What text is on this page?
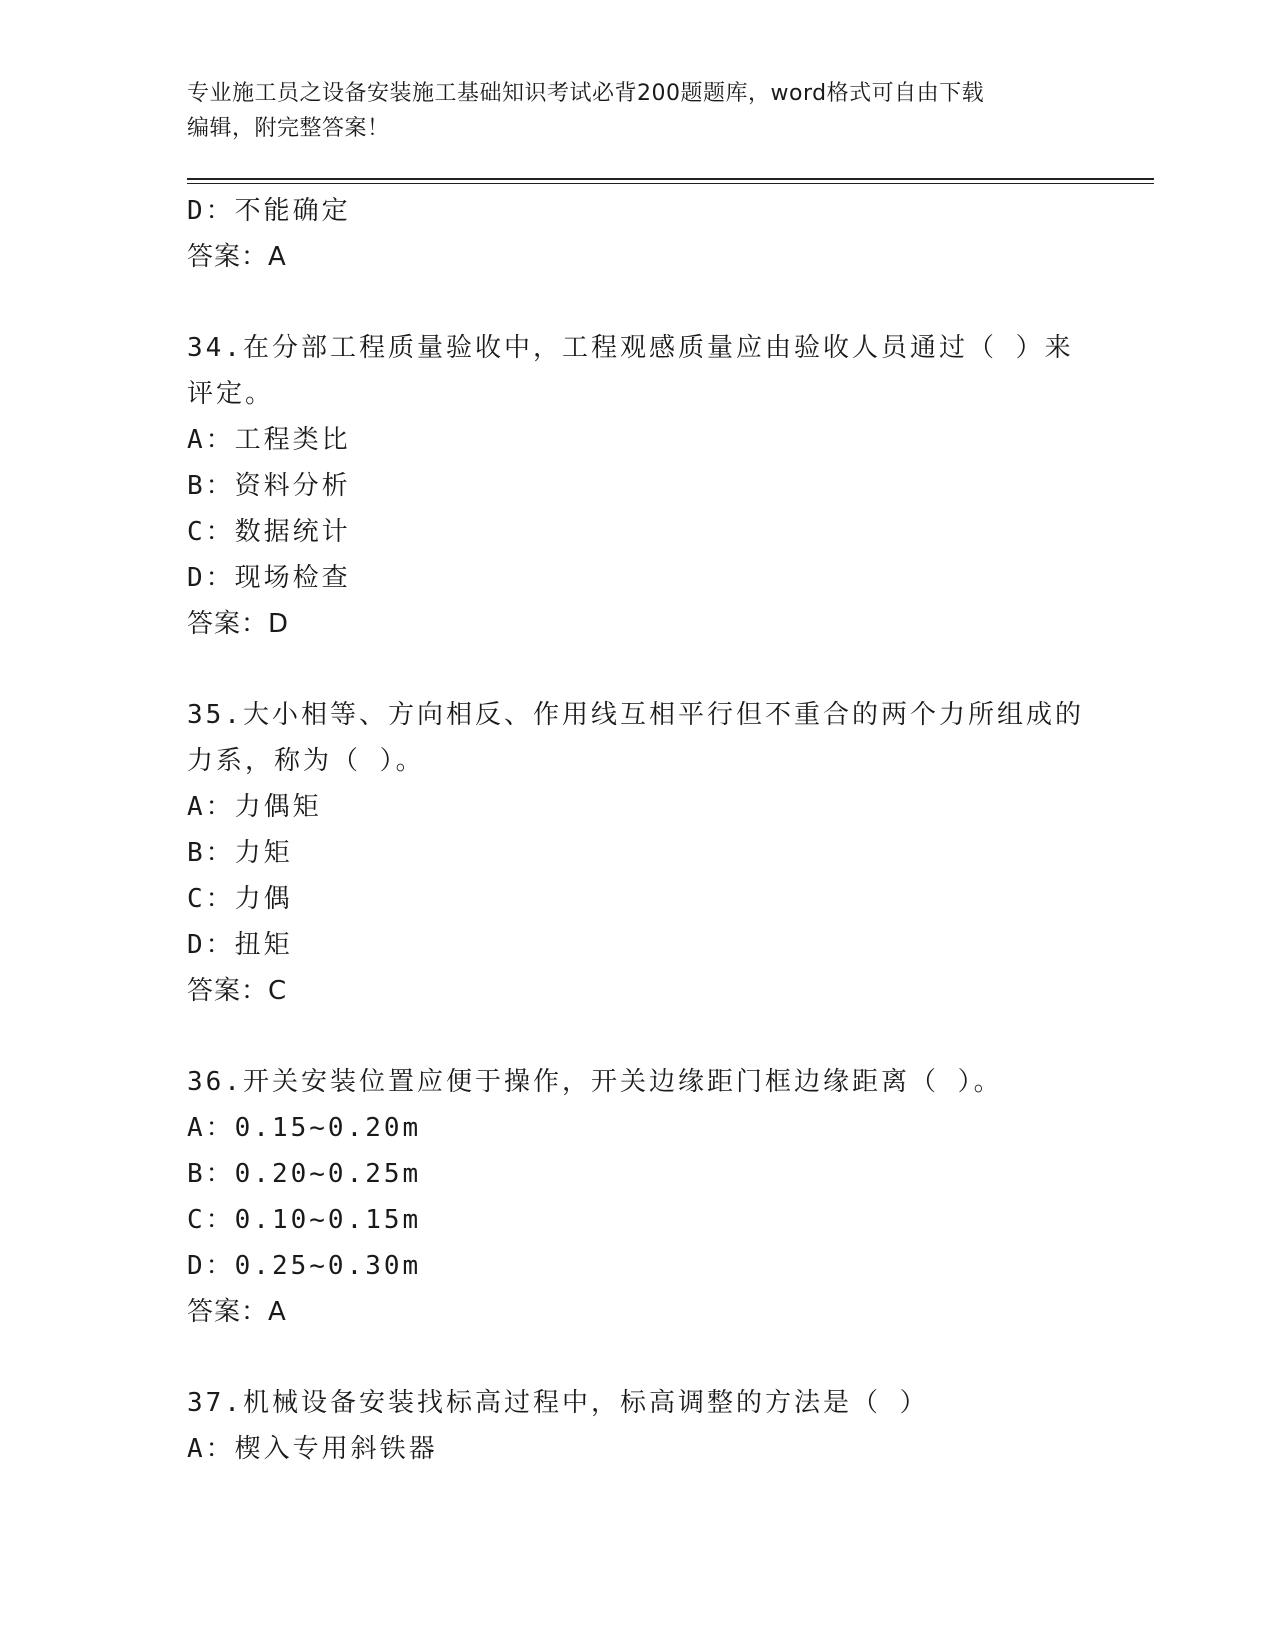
专业施工员之设备安装施工基础知识考试必背200题题库，word格式可自由下载
编辑，附完整答案！
D：不能确定
答案：A
34.在分部工程质量验收中，工程观感质量应由验收人员通过（ ）来
评定。
A：工程类比
B：资料分析
C：数据统计
D：现场检查
答案：D
35.大小相等、方向相反、作用线互相平行但不重合的两个力所组成的
力系，称为（ ）。
A：力偶矩
B：力矩
C：力偶
D：扭矩
答案：C
36.开关安装位置应便于操作，开关边缘距门框边缘距离（ ）。
A：0.15~0.20m
B：0.20~0.25m
C：0.10~0.15m
D：0.25~0.30m
答案：A
37.机械设备安装找标高过程中，标高调整的方法是（ ）
A：楔入专用斜铁器
